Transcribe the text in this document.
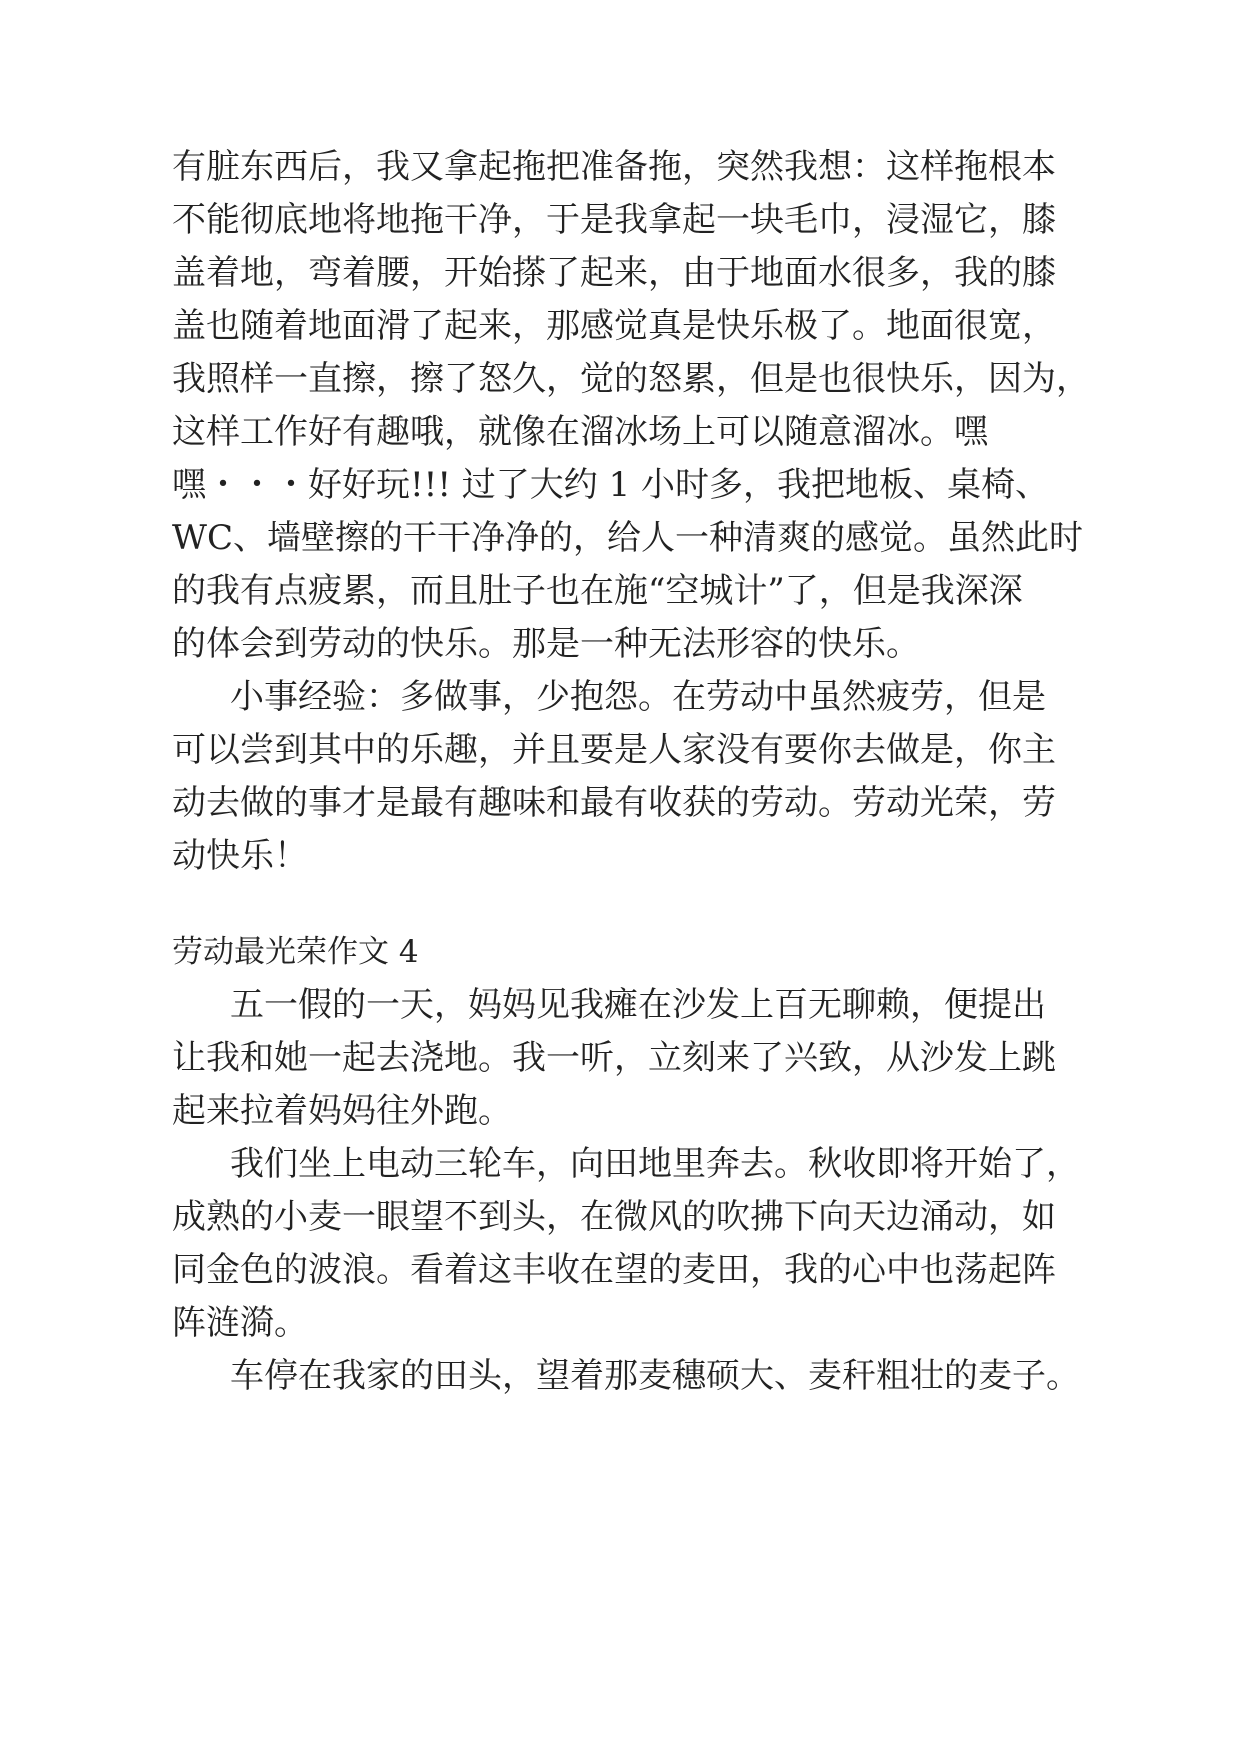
有脏东西后，我又拿起拖把准备拖，突然我想：这样拖根本

不能彻底地将地拖干净，于是我拿起一块毛巾，浸湿它，膝

盖着地，弯着腰，开始搽了起来，由于地面水很多，我的膝

盖也随着地面滑了起来，那感觉真是快乐极了。地面很宽，

我照样一直擦，擦了怒久，觉的怒累，但是也很快乐，因为，

这样工作好有趣哦，就像在溜冰场上可以随意溜冰。嘿

嘿・・・好好玩!!! 过了大约 1 小时多，我把地板、桌椅、

WC、墙壁擦的干干净净的，给人一种清爽的感觉。虽然此时

的我有点疲累，而且肚子也在施“空城计”了，但是我深深

的体会到劳动的快乐。那是一种无法形容的快乐。

小事经验：多做事，少抱怨。在劳动中虽然疲劳，但是

可以尝到其中的乐趣，并且要是人家没有要你去做是，你主

动去做的事才是最有趣味和最有收获的劳动。劳动光荣，劳

动快乐！

劳动最光荣作文 4

五一假的一天，妈妈见我瘫在沙发上百无聊赖，便提出

让我和她一起去浇地。我一听，立刻来了兴致，从沙发上跳

起来拉着妈妈往外跑。

我们坐上电动三轮车，向田地里奔去。秋收即将开始了，

成熟的小麦一眼望不到头，在微风的吹拂下向天边涌动，如

同金色的波浪。看着这丰收在望的麦田，我的心中也荡起阵

阵涟漪。

车停在我家的田头，望着那麦穗硕大、麦秆粗壮的麦子。
